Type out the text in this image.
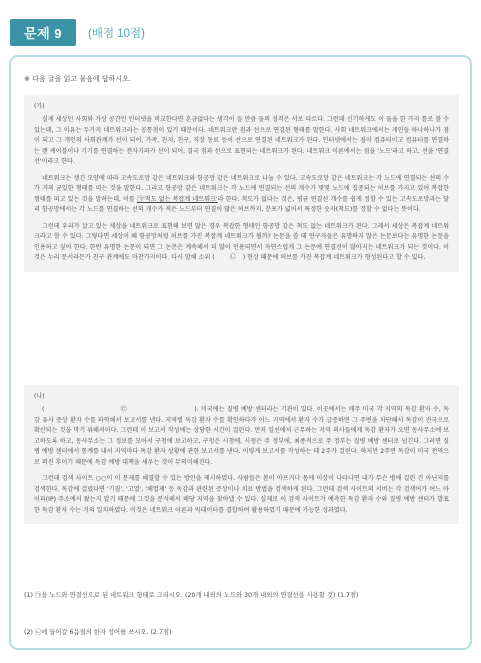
문제 9	(배점 10점)
※ 다음 글을 읽고 물음에 답하시오.
(가)

실제 세상인 사회와 가상 공간인 인터넷을 비교한다면 흔금없다는 생각이 들 만큼 둘의 성격은 서로 다르다. 그런데 신기하게도 이 둘을 한 가지 틀로 볼 수 있는데, 그 이유는 두가지 네트워크라는 공통점이 있기 때문이다. 네트워크란 점과 선으로 연결된 형태를 말한다. 사회 네트워크에서는 개인들 하나하나가 점이 되고 그 개인의 사회관계가 선이 되어, 가족, 친지, 친구, 직장 동료 등이 선으로 연결된 네트워크가 된다. 인터넷에서는 점이 컴퓨터이고 컴퓨터를 연결하는 랜 케이블이나 기기를 연결하는 전자기파가 선이 되어, 결국 점과 선으로 표현되는 네트워크가 된다. 네트워크 이론에서는 점을 '노드'라고 하고, 선을 '연결선'이라고 한다.

네트워크는 생긴 모양에 따라 고속도로망 같은 네트워크와 항공망 같은 네트워크로 나눌 수 있다. 고속도로망 같은 네트워크는 각 노드에 연결되는 선의 수가 거의 균일한 형태를 띠는 것을 말한다. 그리고 항공망 같은 네트워크는 각 노드에 연결되는 선의 개수가 몇몇 노드에 집중되는 허브를 가지고 있어 복잡한 형태를 띠고 있는 것을 말하는데, 이를 ㉠'척도 없는 복잡계 네트워크'라 한다. 척도가 없다는 것은, 평균 연결선 개수를 쉽게 정할 수 있는 고속도로망과는 달리 항공망에서는 각 노드를 연결하는 선의 개수가 적은 노드부터 연결이 많은 허브까지, 분포가 넓어서 특정한 숫자(척도)를 정할 수 없다는 뜻이다.

그런데 우리가 살고 있는 세상을 네트워크로 표현해 보면 많은 경우 복잡한 형태인 항공망 같은 척도 없는 네트워크가 된다. 그래서 세상은 복잡계 네트워크라고 할 수 있다. 그렇다면 세상이 왜 항공망처럼 허브를 가진 복잡계 네트워크가 될까? 논문을 쓸 때 연구자들은 유명하지 않은 논문보다는 유명한 논문을 인용하고 싶어 한다. 한번 유명한 논문이 되면 그 논문은 계속해서 더 많이 인용되면서 자연스럽게 그 논문에 연결선이 많아지는 네트워크가 되는 것이다. 이것은 누리 문서라든가 친구 관계에도 마찬가지이다. 다시 말해 소위 ( ㉡ ) 현상 때문에 허브를 가진 복잡계 네트워크가 형성된다고 할 수 있다.

(나)

(	㉢	). 미국에는 질병 예방 센터라는 기관이 있다. 이곳에서는 매주 미국 각 지역의 독감 환자 수, 독감 유사 증상 환자 수를 파악해서 보고서를 낸다. 지역별 독감 환자 수를 확인하다가 어느 지역에서 환자 수가 급증하면 그 주변을 차단해서 독감이 전국으로 확산되는 것을 막기 위해서이다. 그런데 이 보고서 작성에는 상당한 시간이 걸린다. 먼저 일선에서 근무하는 지역 의사들에게 독감 환자가 오면 동사무소에 보고하도록 하고, 동사무소는 그 정보를 모아서 구청에 보고하고, 구청은 시청에, 시청은 주 정부에, 최종적으로 주 정부는 질병 예방 센터로 넘긴다. 그러면 질병 예방 센터에서 통계를 내서 지역마다 독감 환자 상황에 관한 보고서를 낸다. 이렇게 보고서를 작성하는 데 2주가 걸린다. 하지만 2주면 독감이 미국 전역으로 퍼진 후이기 때문에 독감 예방 대책을 세우는 것이 무의미해진다.

그런데 검색 사이트 ○○이 이 문제를 해결할 수 있는 방안을 제시하였다. 사람들은 몸이 아프거나 몸에 이상이 나타나면 내가 무슨 병에 걸린 건 아닌지를 검색한다. 독감에 걸렸다면 '기침', '고열', '해열제' 등 독감과 관련된 증상이나 치료 방법을 검색하게 된다. 그런데 검색 사이트의 서버는 각 검색어가 어느 아이피(IP) 주소에서 왔는지 알기 때문에 그것을 분석해서 해당 지역을 찾아낼 수 있다. 실제로 이 검색 사이트가 예측한 독감 환자 수와 질병 예방 센터가 발표한 독감 환자 수는 거의 일치하였다. 이것은 네트워크 이론과 빅데이터를 결합하여 활용하였기 때문에 가능한 성과였다.

(1) ㉠을 노드와 연결선으로 된 네트워크 형태로 그리시오. (20개 내외의 노드와 30개 내외의 연결선을 사용할 것) (1.7점)
(2) ㉡에 들어갈 6음절의 한자 성어를 쓰시오. (2.7점)
